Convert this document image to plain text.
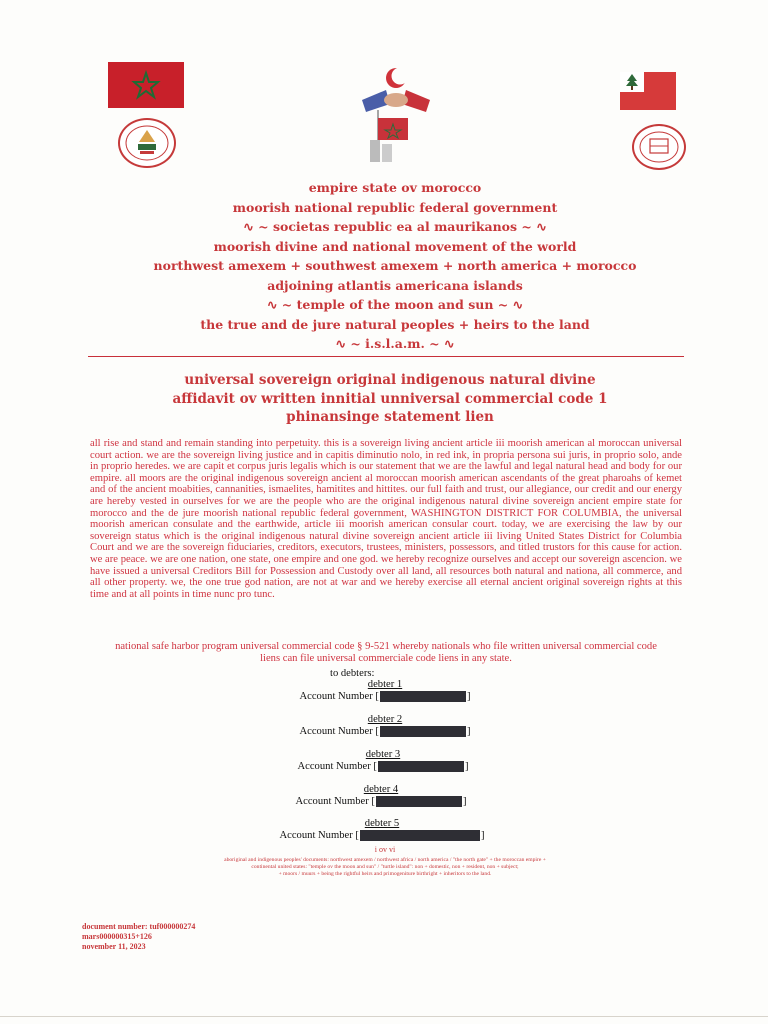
empire state ov morocco
moorish national republic federal government
∿ ~ societas republic ea al maurikanos ~ ∿
moorish divine and national movement of the world
northwest amexem + southwest amexem + north america + morocco
adjoining atlantis americana islands
∿ ~ temple of the moon and sun ~ ∿
the true and de jure natural peoples + heirs to the land
∿ ~ i.s.l.a.m. ~ ∿
universal sovereign original indigenous natural divine
affidavit ov written innitial unniversal commercial code 1
phinansinge statement lien
all rise and stand and remain standing into perpetuity. this is a sovereign living ancient article iii moorish american al moroccan universal court action. we are the sovereign living justice and in capitis diminutio nolo, in red ink, in propria persona sui juris, in proprio solo, ande in proprio heredes. we are capit et corpus juris legalis which is our statement that we are the lawful and legal natural head and body for our empire. all moors are the original indigenous sovereign ancient al moroccan moorish american ascendants of the great pharoahs of kemet and of the ancient moabities, cannanities, ismaelites, hamitites and hittites. our full faith and trust, our allegiance, our credit and our energy are hereby vested in ourselves for we are the people who are the original indigenous natural divine sovereign ancient empire state for morocco and the de jure moorish national republic federal government, WASHINGTON DISTRICT FOR COLUMBIA, the universal moorish american consulate and the earthwide, article iii moorish american consular court. today, we are exercising the law by our sovereign status which is the original indigenous natural divine sovereign ancient article iii living United States District for Columbia Court and we are the sovereign fiduciaries, creditors, executors, trustees, ministers, possessors, and titled trustors for this cause for action. we are peace. we are one nation, one state, one empire and one god. we hereby recognize ourselves and accept our sovereign ascencion. we have issued a universal Creditors Bill for Possession and Custody over all land, all resources both natural and nationa, all commerce, and all other property. we, the one true god nation, are not at war and we hereby exercise all eternal ancient original sovereign rights at this time and at all points in time nunc pro tunc.
national safe harbor program universal commercial code § 9-521 whereby nationals who file written universal commercial code liens can file universal commerciale code liens in any state.
to debters:
debter 1
Account Number [	]
debter 2
Account Number [	]
debter 3
Account Number [	]
debter 4
Account Number [	]
debter 5
Account Number [	]
i ov vi
aboriginal and indigenous peoples' documents: northwest amexem / northwest africa / north america / "the north gate" + the moroccan empire +
continental united states: "temple ov the moon and sun" / "turtle island": non + domestic, non + resident, non + subject;
+ moors / muurs + being the rightful heirs and primogeniture birthright + inheritors to the land.
document number: tuf000000274
mars000000315+126
november 11, 2023
